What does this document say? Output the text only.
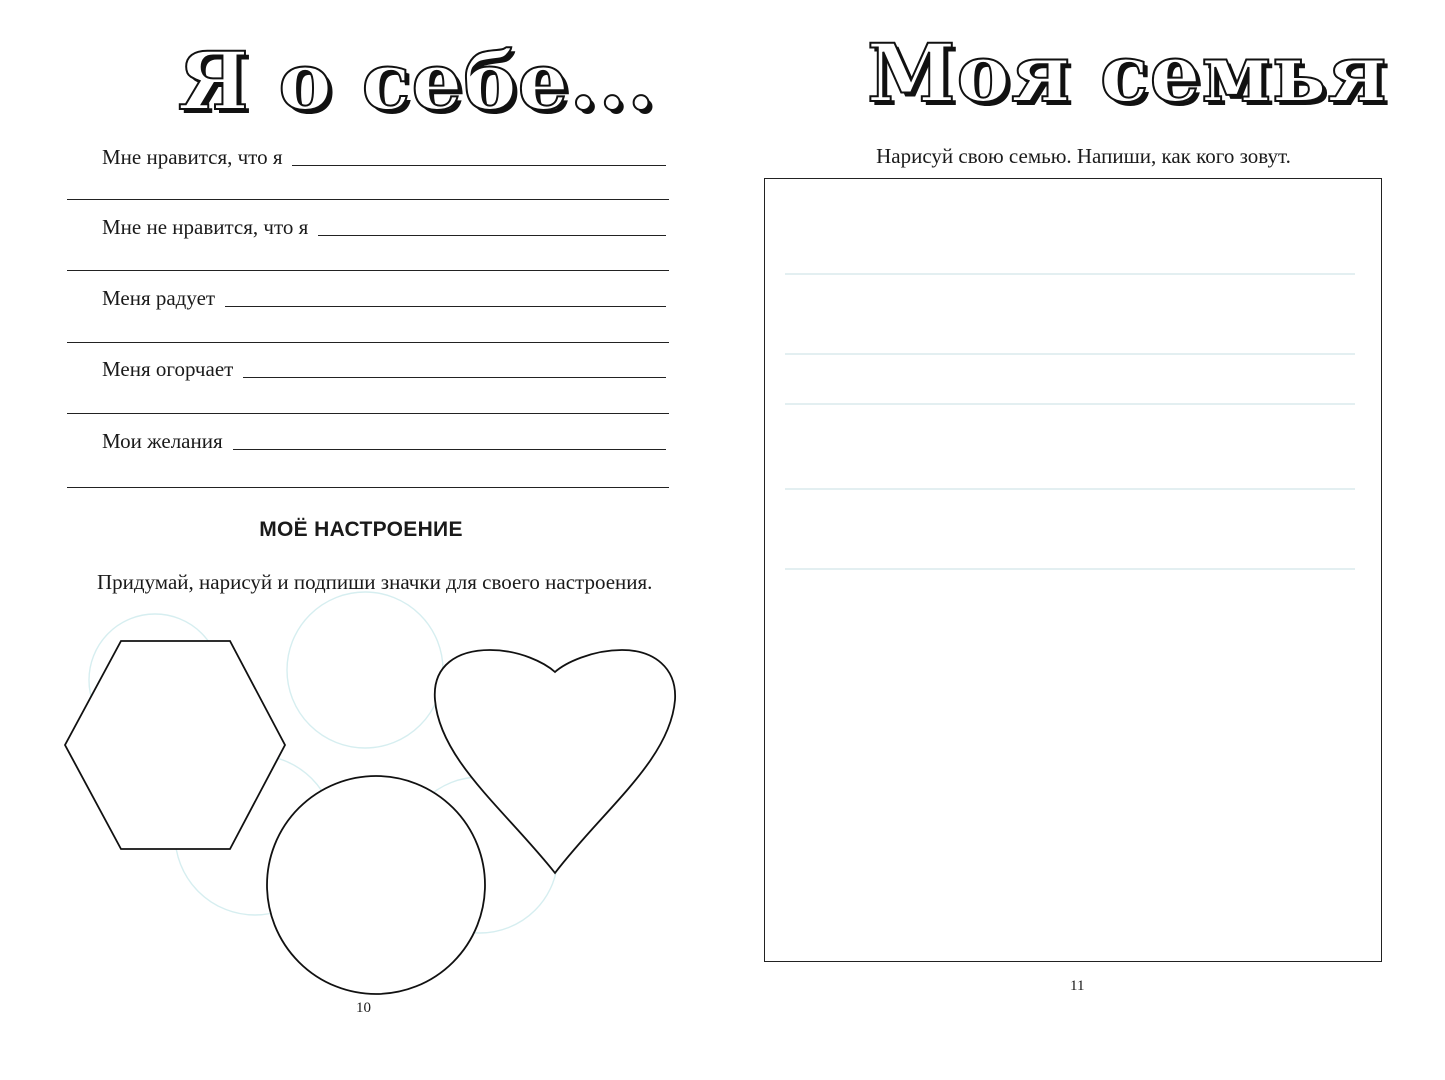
Я о себе...
Мне нравится, что я
Мне не нравится, что я
Меня радует
Меня огорчает
Мои желания
МОЁ НАСТРОЕНИЕ

Придумай, нарисуй и подпиши значки для своего настроения.

10
Моя семья

Нарисуй свою семью. Напиши, как кого зовут.

11
